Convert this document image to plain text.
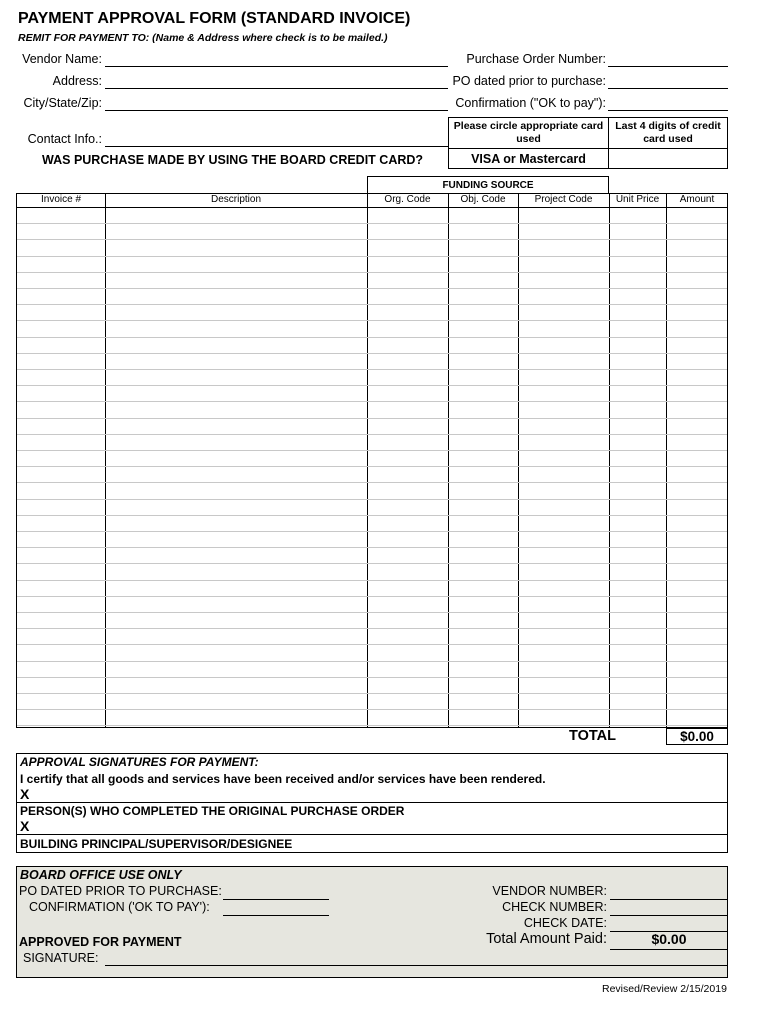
PAYMENT APPROVAL FORM (STANDARD INVOICE)
REMIT FOR PAYMENT TO: (Name & Address where check is to be mailed.)
Vendor Name:
Address:
City/State/Zip:
Contact Info.:
Purchase Order Number:
PO dated prior to purchase:
Confirmation ("OK to pay"):
Please circle appropriate card used
Last 4 digits of credit card used
VISA or Mastercard
WAS PURCHASE MADE BY USING THE BOARD CREDIT CARD?
FUNDING SOURCE
Invoice #	Description	Org. Code	Obj. Code	Project Code	Unit Price	Amount
TOTAL	$0.00
APPROVAL SIGNATURES FOR PAYMENT:
I certify that all goods and services have been received and/or services have been rendered.
X
PERSON(S) WHO COMPLETED THE ORIGINAL PURCHASE ORDER
X
BUILDING PRINCIPAL/SUPERVISOR/DESIGNEE
BOARD OFFICE USE ONLY
PO DATED PRIOR TO PURCHASE:
CONFIRMATION ('OK TO PAY'):
VENDOR NUMBER:
CHECK NUMBER:
CHECK DATE:
APPROVED FOR PAYMENT	Total Amount Paid:	$0.00
SIGNATURE:
Revised/Review 2/15/2019
